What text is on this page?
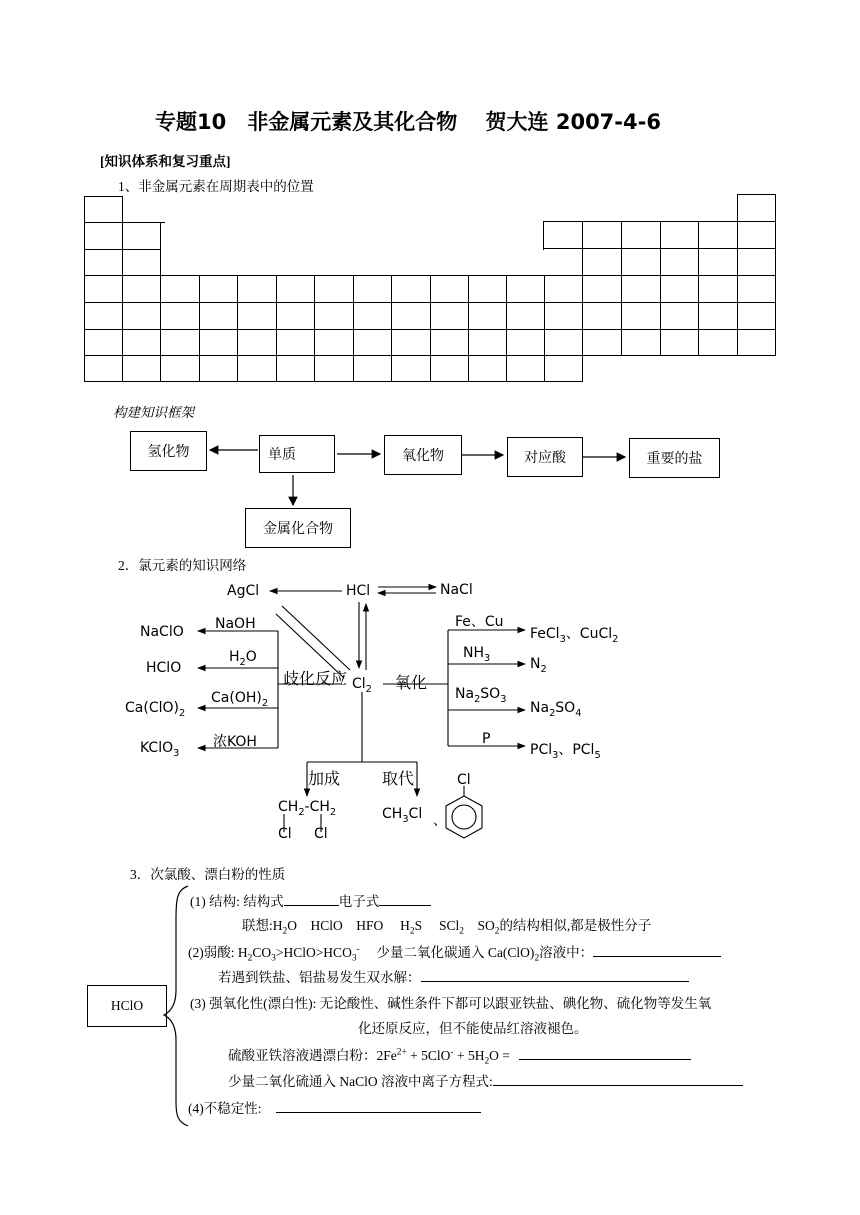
专题10　非金属元素及其化合物　 贺大连 2007-4-6
[知识体系和复习重点]
1、非金属元素在周期表中的位置
构建知识框架
氢化物	单质	氧化物	对应酸	重要的盐
金属化合物
2．氯元素的知识网络
AgCl	HCl	NaCl
NaOH
NaClO
$H_2O$
HClO
$Ca(OH)_2$
$Ca(ClO)_2$
浓KOH
KClO$_3$
歧化反应 $Cl_2$ 氧化
Fe、Cu
FeCl$_3$、CuCl$_2$
$NH_3$	$N_2$
$Na_2SO_3$
$Na_2SO_4$
P
PCl$_3$、PCl$_5$
加成	取代
$CH_2-CH_2$
Cl Cl
$CH_3Cl$ 、
Cl
3．次氯酸、漂白粉的性质
HClO
(1) 结构: 结构式	电子式
联想$:H_2O$　HClO　HFO　 $H_2S$　 SCl$_2$　$SO_2$的结构相似,都是极性分子
(2)弱酸: $H_2CO_3>HClO>HCO_3^-$　 少量二氧化碳通入 $Ca(ClO)_2$溶液中：
若遇到铁盐、铝盐易发生双水解：
(3) 强氧化性(漂白性): 无论酸性、碱性条件下都可以跟亚铁盐、碘化物、硫化物等发生氧
化还原反应，但不能使品红溶液褪色。
硫酸亚铁溶液遇漂白粉：$2Fe^{2+} + 5ClO^- + 5H_2O$ =
少量二氧化硫通入 NaClO 溶液中离子方程式:
(4)不稳定性:
